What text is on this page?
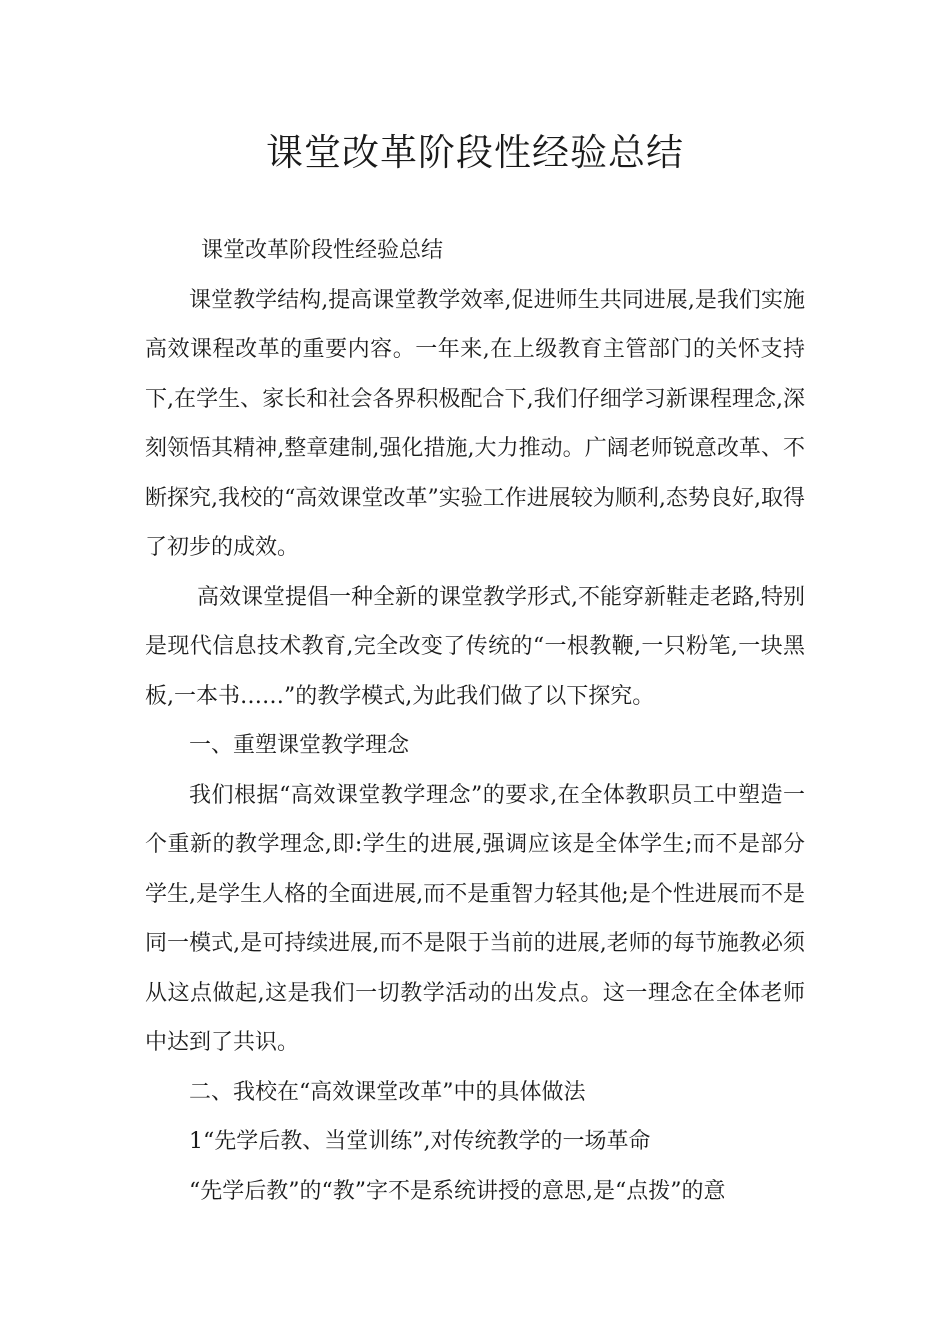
课堂改革阶段性经验总结

课堂改革阶段性经验总结

课堂教学结构,提高课堂教学效率,促进师生共同进展,是我们实施高效课程改革的重要内容。一年来,在上级教育主管部门的关怀支持下,在学生、家长和社会各界积极配合下,我们仔细学习新课程理念,深刻领悟其精神,整章建制,强化措施,大力推动。广阔老师锐意改革、不断探究,我校的“高效课堂改革”实验工作进展较为顺利,态势良好,取得了初步的成效。

高效课堂提倡一种全新的课堂教学形式,不能穿新鞋走老路,特别是现代信息技术教育,完全改变了传统的“一根教鞭,一只粉笔,一块黑板,一本书……”的教学模式,为此我们做了以下探究。

一、重塑课堂教学理念

我们根据“高效课堂教学理念”的要求,在全体教职员工中塑造一个重新的教学理念,即:学生的进展,强调应该是全体学生;而不是部分学生,是学生人格的全面进展,而不是重智力轻其他;是个性进展而不是同一模式,是可持续进展,而不是限于当前的进展,老师的每节施教必须从这点做起,这是我们一切教学活动的出发点。这一理念在全体老师中达到了共识。

二、我校在“高效课堂改革”中的具体做法

1“先学后教、当堂训练”,对传统教学的一场革命

“先学后教”的“教”字不是系统讲授的意思,是“点拨”的意
